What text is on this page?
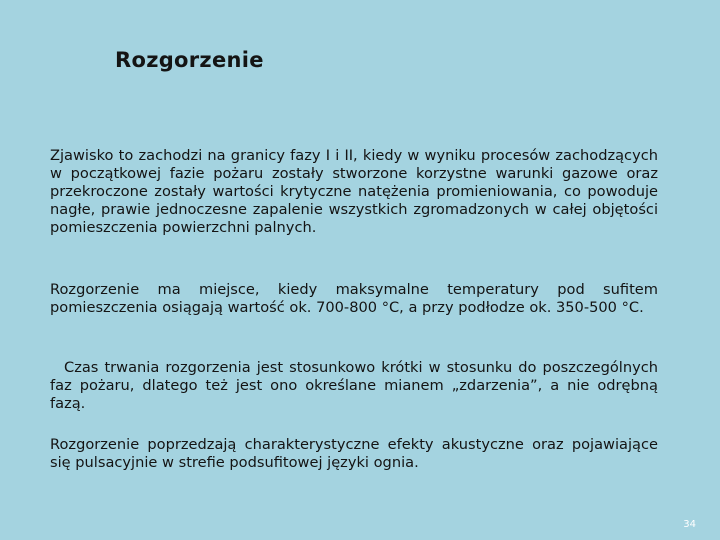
Rozgorzenie

Zjawisko to zachodzi na granicy fazy I i II, kiedy w wyniku procesów zachodzących w początkowej fazie pożaru zostały stworzone korzystne warunki gazowe oraz przekroczone zostały wartości krytyczne natężenia promieniowania, co powoduje nagłe, prawie jednoczesne zapalenie wszystkich zgromadzonych w całej objętości pomieszczenia powierzchni palnych.

Rozgorzenie ma miejsce, kiedy maksymalne temperatury pod sufitem pomieszczenia osiągają wartość ok. 700-800 °C, a przy podłodze ok. 350-500 °C.

Czas trwania rozgorzenia jest stosunkowo krótki w stosunku do poszczególnych faz pożaru, dlatego też jest ono określane mianem „zdarzenia”, a nie odrębną fazą.

Rozgorzenie poprzedzają charakterystyczne efekty akustyczne oraz pojawiające się pulsacyjnie w strefie podsufitowej języki ognia.

34
